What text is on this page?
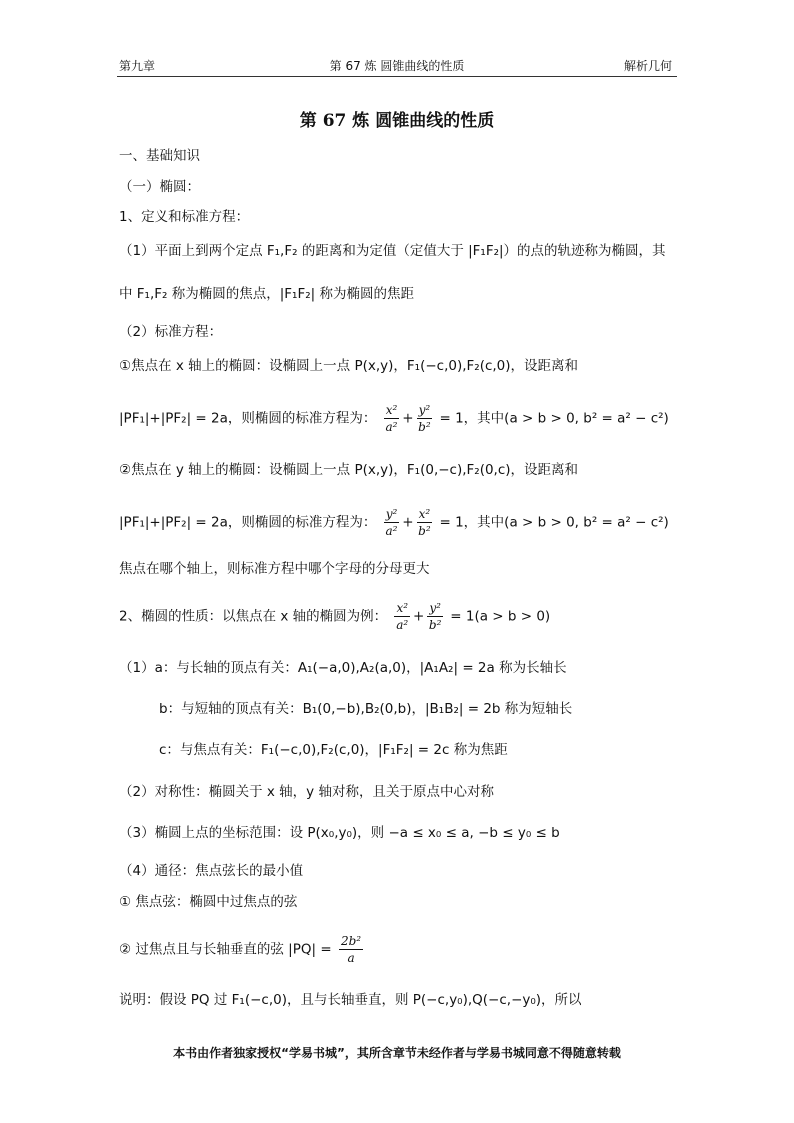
第九章	第 67 炼 圆锥曲线的性质	解析几何
第 67 炼 圆锥曲线的性质
一、基础知识
（一）椭圆：
1、定义和标准方程：
（1）平面上到两个定点 F₁,F₂ 的距离和为定值（定值大于 |F₁F₂|）的点的轨迹称为椭圆，其
中 F₁,F₂ 称为椭圆的焦点，|F₁F₂| 称为椭圆的焦距
（2）标准方程：
①焦点在 x 轴上的椭圆：设椭圆上一点 P(x,y)，F₁(−c,0),F₂(c,0)，设距离和
|PF₁|+|PF₂| = 2a，则椭圆的标准方程为： $\frac{\text{x²}}{\text{a²}} + \frac{\text{y²}}{\text{b²}} = 1$，其中(a > b > 0, b² = a² − c²)
②焦点在 y 轴上的椭圆：设椭圆上一点 P(x,y)，F₁(0,−c),F₂(0,c)，设距离和
|PF₁|+|PF₂| = 2a，则椭圆的标准方程为： $\frac{\text{y²}}{\text{a²}} + \frac{\text{x²}}{\text{b²}} = 1$，其中(a > b > 0, b² = a² − c²)
焦点在哪个轴上，则标准方程中哪个字母的分母更大
2、椭圆的性质：以焦点在 x 轴的椭圆为例： $\frac{\text{x²}}{\text{a²}} + \frac{\text{y²}}{\text{b²}} = 1(a > b > 0)$
（1）a：与长轴的顶点有关：A₁(−a,0),A₂(a,0)，|A₁A₂| = 2a 称为长轴长
b：与短轴的顶点有关：B₁(0,−b),B₂(0,b)，|B₁B₂| = 2b 称为短轴长
c：与焦点有关：F₁(−c,0),F₂(c,0)，|F₁F₂| = 2c 称为焦距
（2）对称性：椭圆关于 x 轴，y 轴对称，且关于原点中心对称
（3）椭圆上点的坐标范围：设 P(x₀,y₀)，则 −a ≤ x₀ ≤ a, −b ≤ y₀ ≤ b
（4）通径：焦点弦长的最小值
① 焦点弦：椭圆中过焦点的弦
② 过焦点且与长轴垂直的弦 $|PQ| = \frac{\text{2b²}}{a}$
说明：假设 PQ 过 F₁(−c,0)，且与长轴垂直，则 P(−c,y₀),Q(−c,−y₀)，所以
本书由作者独家授权“学易书城”，其所含章节未经作者与学易书城同意不得随意转载
